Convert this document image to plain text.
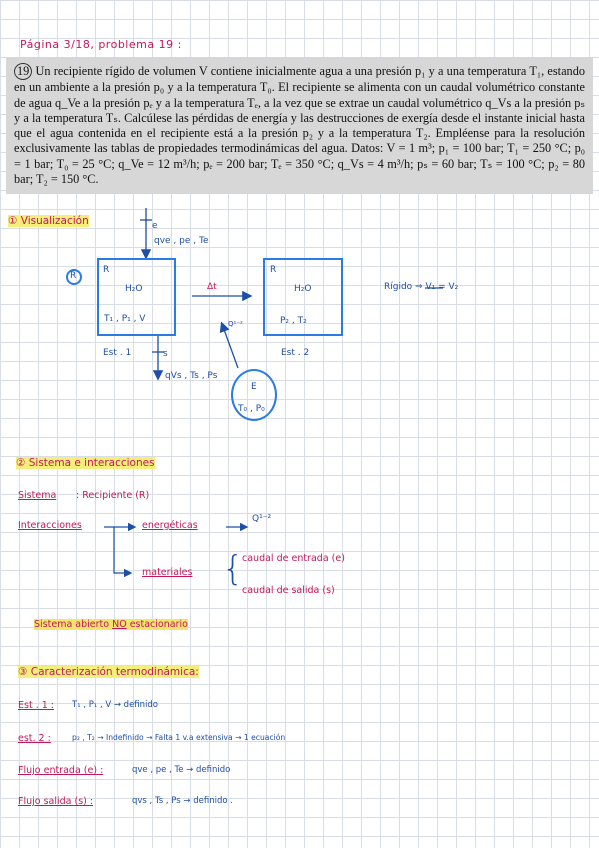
Página 3/18, problema 19 :
19 Un recipiente rígido de volumen V contiene inicialmente agua a una presión p₁ y a una temperatura T₁, estando en un ambiente a la presión p₀ y a la temperatura T₀. El recipiente se alimenta con un caudal volumétrico constante de agua q_Ve a la presión pₑ y a la temperatura Tₑ, a la vez que se extrae un caudal volumétrico q_Vs a la presión pₛ y a la temperatura Tₛ. Calcúlese las pérdidas de energía y las destrucciones de exergía desde el instante inicial hasta que el agua contenida en el recipiente está a la presión p₂ y a la temperatura T₂. Empléense para la resolución exclusivamente las tablas de propiedades termodinámicas del agua. Datos: V = 1 m³; p₁ = 100 bar; T₁ = 250 °C; p₀ = 1 bar; T₀ = 25 °C; q_Ve = 12 m³/h; pₑ = 200 bar; Tₑ = 350 °C; q_Vs = 4 m³/h; pₛ = 60 bar; Tₛ = 100 °C; p₂ = 80 bar; T₂ = 150 °C.
① Visualización	e
qve , pe , Te
R
R
H₂O
T₁ , P₁ , V
Est . 1
Δt
R
H₂O
P₂ , T₂
Est . 2
Rígido ⇒ V₁ = V₂
Q¹⁻²
s
qVs , Ts , Ps
E
T₀ , P₀
② Sistema e interacciones
Sistema : Recipiente (R)
Interacciones	energéticas
Q¹⁻²
materiales {
caudal de entrada (e)
caudal de salida (s)
Sistema abierto NO estacionario
③ Caracterización termodinámica:
Est . 1 : T₁ , P₁ , V → definido
est. 2 :	p₂ , T₂ → Indefinido → Falta 1 v.a extensiva → 1 ecuación
Flujo entrada (e) :	qve , pe , Te → definido
Flujo salida (s) :	qvs , Ts , Ps → definido .
